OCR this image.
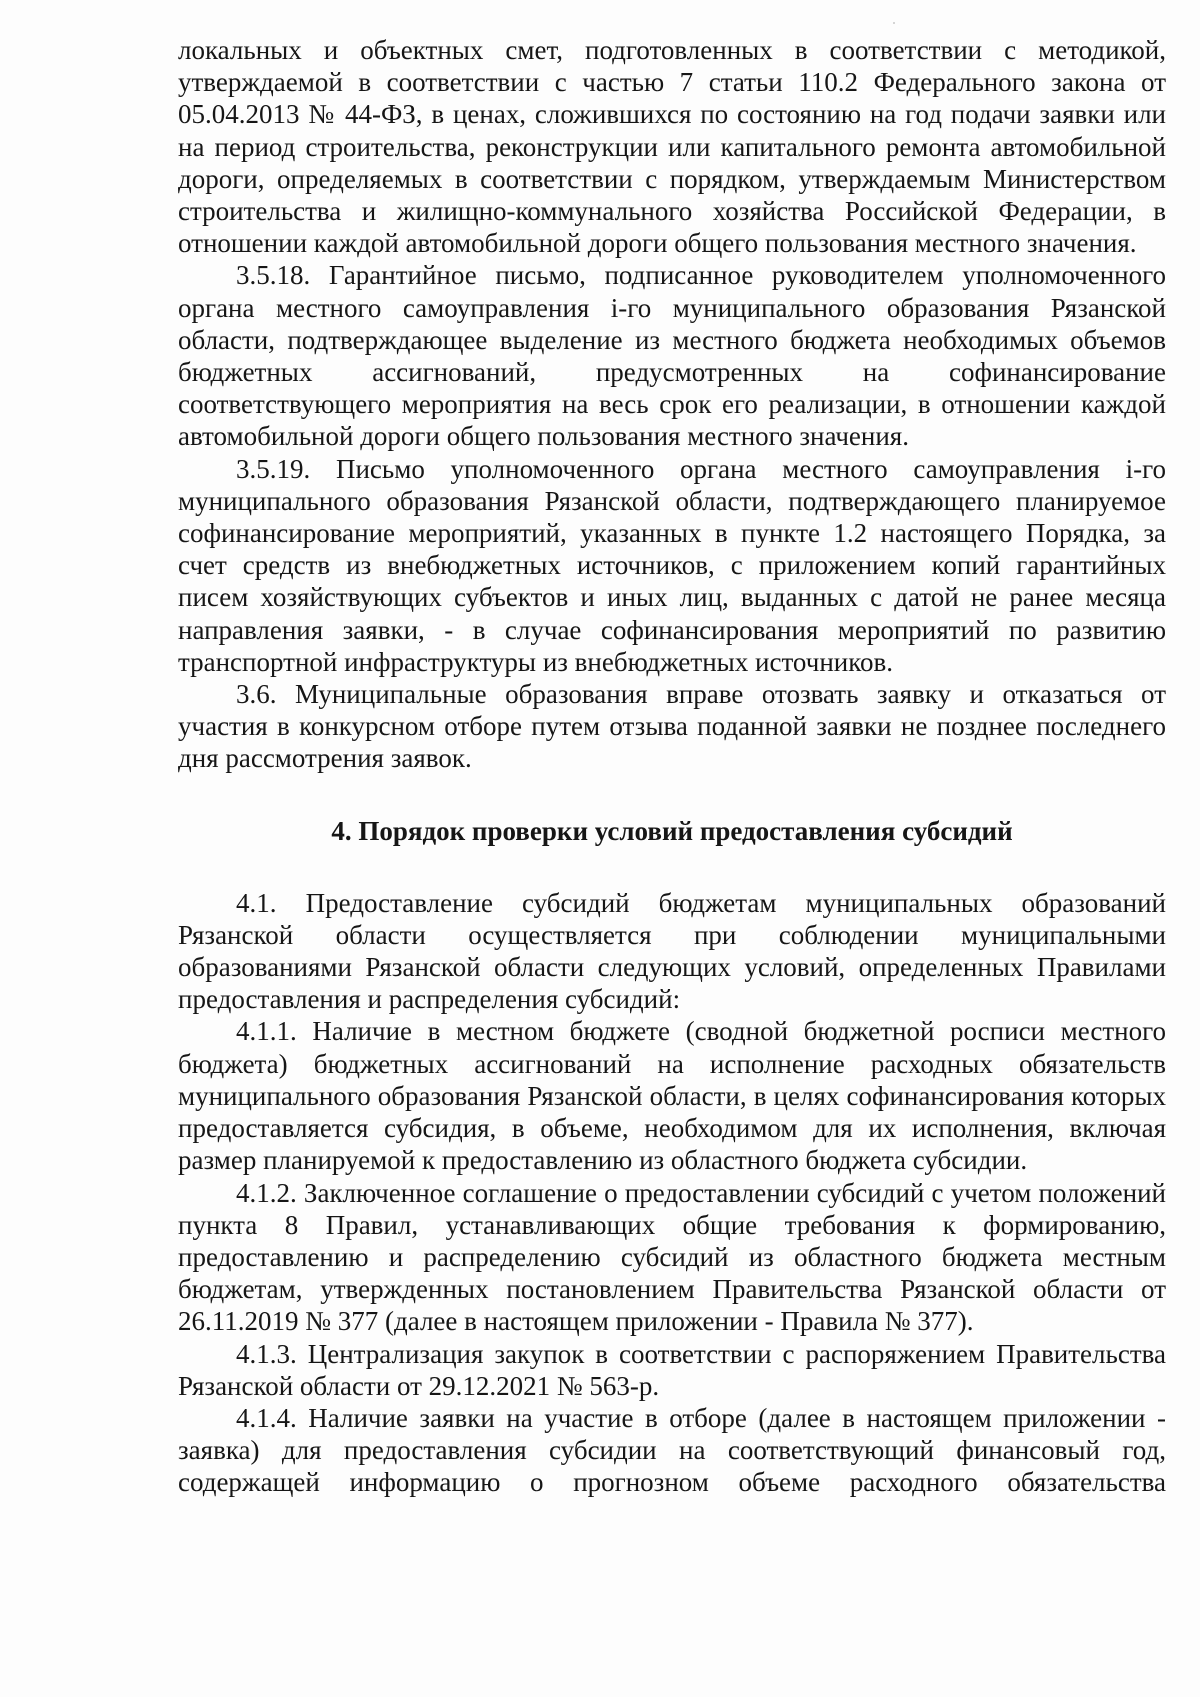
локальных и объектных смет, подготовленных в соответствии с методикой, утверждаемой в соответствии с частью 7 статьи 110.2 Федерального закона от 05.04.2013 № 44-ФЗ, в ценах, сложившихся по состоянию на год подачи заявки или на период строительства, реконструкции или капитального ремонта автомобильной дороги, определяемых в соответствии с порядком, утверждаемым Министерством строительства и жилищно-коммунального хозяйства Российской Федерации, в отношении каждой автомобильной дороги общего пользования местного значения.

3.5.18. Гарантийное письмо, подписанное руководителем уполномоченного органа местного самоуправления i-го муниципального образования Рязанской области, подтверждающее выделение из местного бюджета необходимых объемов бюджетных ассигнований, предусмотренных на софинансирование соответствующего мероприятия на весь срок его реализации, в отношении каждой автомобильной дороги общего пользования местного значения.

3.5.19. Письмо уполномоченного органа местного самоуправления i-го муниципального образования Рязанской области, подтверждающего планируемое софинансирование мероприятий, указанных в пункте 1.2 настоящего Порядка, за счет средств из внебюджетных источников, с приложением копий гарантийных писем хозяйствующих субъектов и иных лиц, выданных с датой не ранее месяца направления заявки, - в случае софинансирования мероприятий по развитию транспортной инфраструктуры из внебюджетных источников.

3.6. Муниципальные образования вправе отозвать заявку и отказаться от участия в конкурсном отборе путем отзыва поданной заявки не позднее последнего дня рассмотрения заявок.

4. Порядок проверки условий предоставления субсидий

4.1. Предоставление субсидий бюджетам муниципальных образований Рязанской области осуществляется при соблюдении муниципальными образованиями Рязанской области следующих условий, определенных Правилами предоставления и распределения субсидий:

4.1.1. Наличие в местном бюджете (сводной бюджетной росписи местного бюджета) бюджетных ассигнований на исполнение расходных обязательств муниципального образования Рязанской области, в целях софинансирования которых предоставляется субсидия, в объеме, необходимом для их исполнения, включая размер планируемой к предоставлению из областного бюджета субсидии.

4.1.2. Заключенное соглашение о предоставлении субсидий с учетом положений пункта 8 Правил, устанавливающих общие требования к формированию, предоставлению и распределению субсидий из областного бюджета местным бюджетам, утвержденных постановлением Правительства Рязанской области от 26.11.2019 № 377 (далее в настоящем приложении - Правила № 377).

4.1.3. Централизация закупок в соответствии с распоряжением Правительства Рязанской области от 29.12.2021 № 563-р.

4.1.4. Наличие заявки на участие в отборе (далее в настоящем приложении - заявка) для предоставления субсидии на соответствующий финансовый год, содержащей информацию о прогнозном объеме расходного обязательства
